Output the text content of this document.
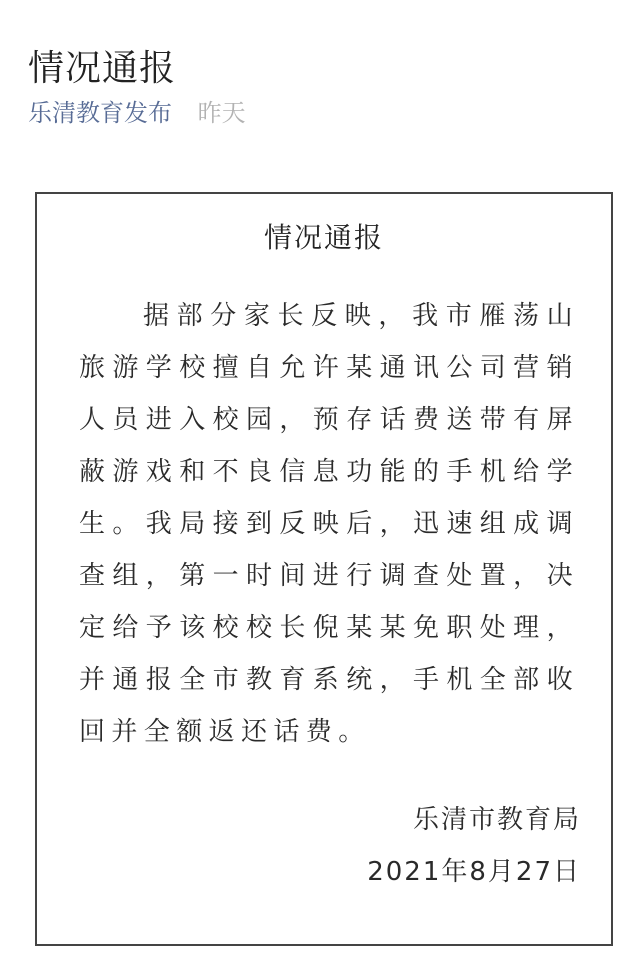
情况通报
乐清教育发布 昨天
情况通报
据部分家长反映，我市雁荡山旅游学校擅自允许某通讯公司营销人员进入校园，预存话费送带有屏蔽游戏和不良信息功能的手机给学生。我局接到反映后，迅速组成调查组，第一时间进行调查处置，决定给予该校校长倪某某免职处理，并通报全市教育系统，手机全部收回并全额返还话费。
乐清市教育局
2021年8月27日
